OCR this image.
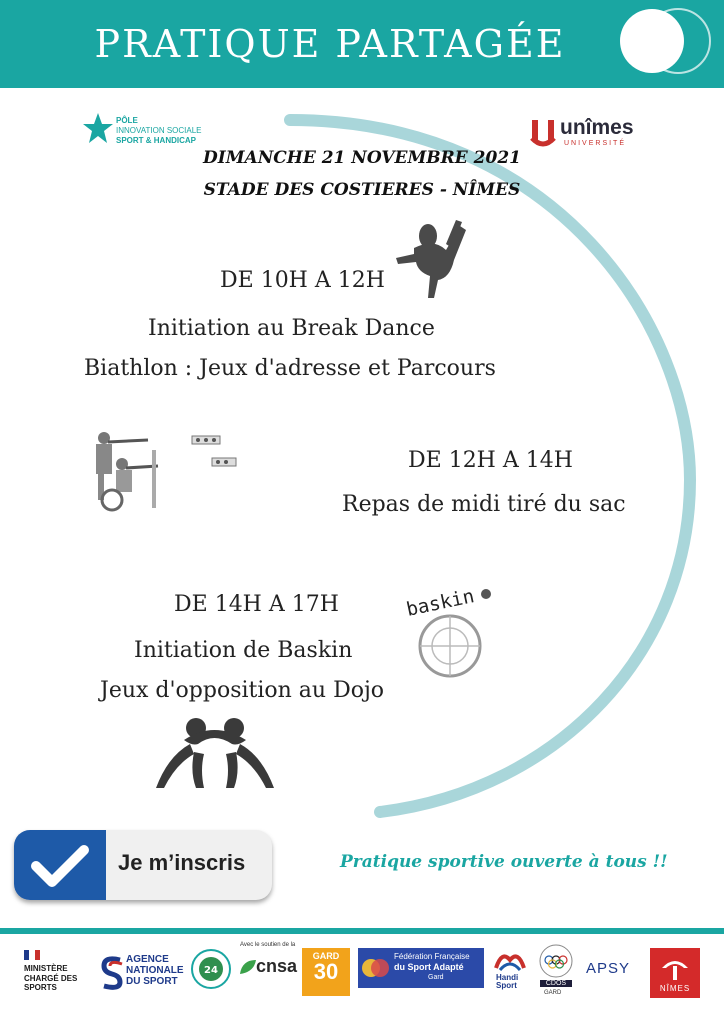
PRATIQUE PARTAGÉE
PÔLE
INNOVATION SOCIALE
SPORT & HANDICAP
unîmes
UNIVERSITÉ
DIMANCHE 21 NOVEMBRE 2021
STADE DES COSTIERES - NÎMES
DE 10H A 12H
Initiation au Break Dance
Biathlon : Jeux d'adresse et Parcours
DE 12H A 14H
Repas de midi tiré du sac
DE 14H A 17H
Initiation de Baskin
Jeux d'opposition au Dojo
baskin
Je m’inscris	Pratique sportive ouverte à tous !!
MINISTÈRE
CHARGÉ DES SPORTS
AGENCE
NATIONALE
DU SPORT
24
Avec le soutien de la
cnsa	GARD
30
Fédération Française
du Sport Adapté
Gard	Handi
Sport	CDOS
GARD
APSY
NÎMES
